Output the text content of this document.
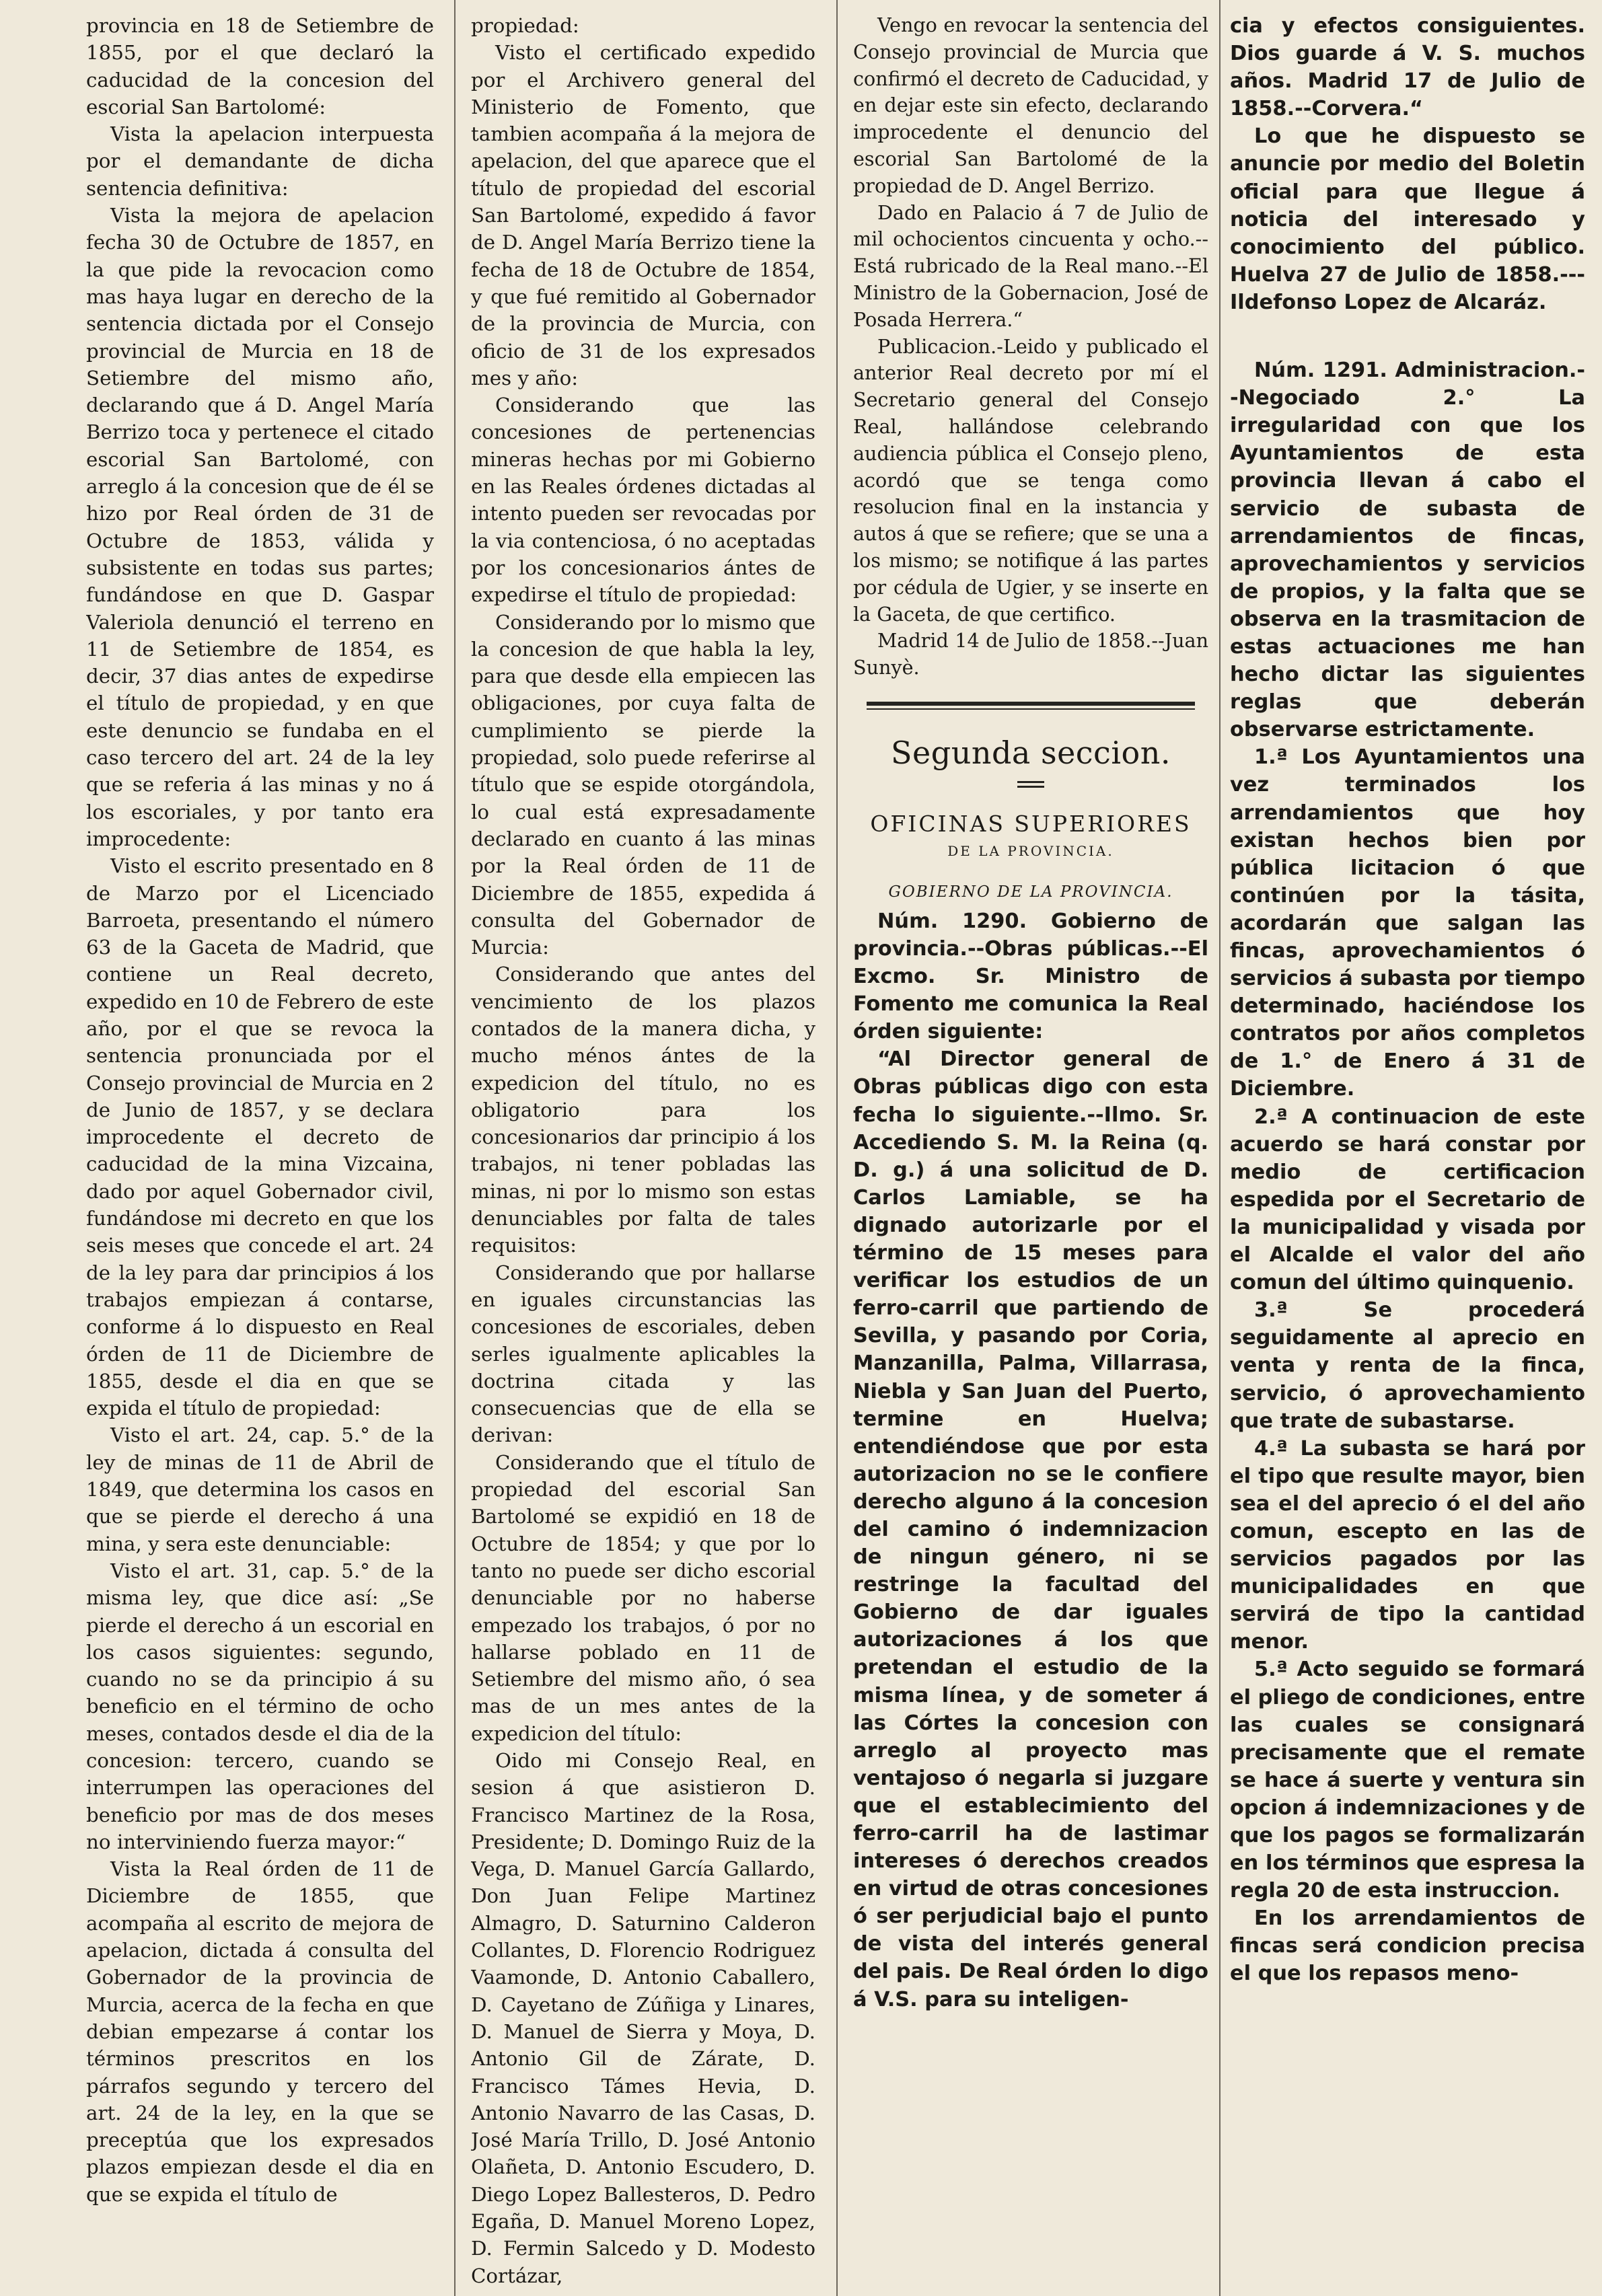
provincia en 18 de Setiembre de 1855, por el que declaró la caducidad de la concesion del escorial San Bartolomé:

Vista la apelacion interpuesta por el demandante de dicha sentencia definitiva:

Vista la mejora de apelacion fecha 30 de Octubre de 1857, en la que pide la revocacion como mas haya lugar en derecho de la sentencia dictada por el Consejo provincial de Murcia en 18 de Setiembre del mismo año, declarando que á D. Angel María Berrizo toca y pertenece el citado escorial San Bartolomé, con arreglo á la concesion que de él se hizo por Real órden de 31 de Octubre de 1853, válida y subsistente en todas sus partes; fundándose en que D. Gaspar Valeriola denunció el terreno en 11 de Setiembre de 1854, es decir, 37 dias antes de expedirse el título de propiedad, y en que este denuncio se fundaba en el caso tercero del art. 24 de la ley que se referia á las minas y no á los escoriales, y por tanto era improcedente:

Visto el escrito presentado en 8 de Marzo por el Licenciado Barroeta, presentando el número 63 de la Gaceta de Madrid, que contiene un Real decreto, expedido en 10 de Febrero de este año, por el que se revoca la sentencia pronunciada por el Consejo provincial de Murcia en 2 de Junio de 1857, y se declara improcedente el decreto de caducidad de la mina Vizcaina, dado por aquel Gobernador civil, fundándose mi decreto en que los seis meses que concede el art. 24 de la ley para dar principios á los trabajos empiezan á contarse, conforme á lo dispuesto en Real órden de 11 de Diciembre de 1855, desde el dia en que se expida el título de propiedad:

Visto el art. 24, cap. 5.° de la ley de minas de 11 de Abril de 1849, que determina los casos en que se pierde el derecho á una mina, y sera este denunciable:

Visto el art. 31, cap. 5.° de la misma ley, que dice así: „Se pierde el derecho á un escorial en los casos siguientes: segundo, cuando no se da principio á su beneficio en el término de ocho meses, contados desde el dia de la concesion: tercero, cuando se interrumpen las operaciones del beneficio por mas de dos meses no interviniendo fuerza mayor:“

Vista la Real órden de 11 de Diciembre de 1855, que acompaña al escrito de mejora de apelacion, dictada á consulta del Gobernador de la provincia de Murcia, acerca de la fecha en que debian empezarse á contar los términos prescritos en los párrafos segundo y tercero del art. 24 de la ley, en la que se preceptúa que los expresados plazos empiezan desde el dia en que se expida el título de

propiedad:

Visto el certificado expedido por el Archivero general del Ministerio de Fomento, que tambien acompaña á la mejora de apelacion, del que aparece que el título de propiedad del escorial San Bartolomé, expedido á favor de D. Angel María Berrizo tiene la fecha de 18 de Octubre de 1854, y que fué remitido al Gobernador de la provincia de Murcia, con oficio de 31 de los expresados mes y año:

Considerando que las concesiones de pertenencias mineras hechas por mi Gobierno en las Reales órdenes dictadas al intento pueden ser revocadas por la via contenciosa, ó no aceptadas por los concesionarios ántes de expedirse el título de propiedad:

Considerando por lo mismo que la concesion de que habla la ley, para que desde ella empiecen las obligaciones, por cuya falta de cumplimiento se pierde la propiedad, solo puede referirse al título que se espide otorgándola, lo cual está expresadamente declarado en cuanto á las minas por la Real órden de 11 de Diciembre de 1855, expedida á consulta del Gobernador de Murcia:

Considerando que antes del vencimiento de los plazos contados de la manera dicha, y mucho ménos ántes de la expedicion del título, no es obligatorio para los concesionarios dar principio á los trabajos, ni tener pobladas las minas, ni por lo mismo son estas denunciables por falta de tales requisitos:

Considerando que por hallarse en iguales circunstancias las concesiones de escoriales, deben serles igualmente aplicables la doctrina citada y las consecuencias que de ella se derivan:

Considerando que el título de propiedad del escorial San Bartolomé se expidió en 18 de Octubre de 1854; y que por lo tanto no puede ser dicho escorial denunciable por no haberse empezado los trabajos, ó por no hallarse poblado en 11 de Setiembre del mismo año, ó sea mas de un mes antes de la expedicion del título:

Oido mi Consejo Real, en sesion á que asistieron D. Francisco Martinez de la Rosa, Presidente; D. Domingo Ruiz de la Vega, D. Manuel García Gallardo, Don Juan Felipe Martinez Almagro, D. Saturnino Calderon Collantes, D. Florencio Rodriguez Vaamonde, D. Antonio Caballero, D. Cayetano de Zúñiga y Linares, D. Manuel de Sierra y Moya, D. Antonio Gil de Zárate, D. Francisco Támes Hevia, D. Antonio Navarro de las Casas, D. José María Trillo, D. José Antonio Olañeta, D. Antonio Escudero, D. Diego Lopez Ballesteros, D. Pedro Egaña, D. Manuel Moreno Lopez, D. Fermin Salcedo y D. Modesto Cortázar,

Vengo en revocar la sentencia del Consejo provincial de Murcia que confirmó el decreto de Caducidad, y en dejar este sin efecto, declarando improcedente el denuncio del escorial San Bartolomé de la propiedad de D. Angel Berrizo.

Dado en Palacio á 7 de Julio de mil ochocientos cincuenta y ocho.--Está rubricado de la Real mano.--El Ministro de la Gobernacion, José de Posada Herrera.“

Publicacion.-Leido y publicado el anterior Real decreto por mí el Secretario general del Consejo Real, hallándose celebrando audiencia pública el Consejo pleno, acordó que se tenga como resolucion final en la instancia y autos á que se refiere; que se una a los mismo; se notifique á las partes por cédula de Ugier, y se inserte en la Gaceta, de que certifico.

Madrid 14 de Julio de 1858.--Juan Sunyè.

Segunda seccion.
OFICINAS SUPERIORES
DE LA PROVINCIA.
GOBIERNO DE LA PROVINCIA.

Núm. 1290. Gobierno de provincia.--Obras públicas.--El Excmo. Sr. Ministro de Fomento me comunica la Real órden siguiente:

“Al Director general de Obras públicas digo con esta fecha lo siguiente.--Ilmo. Sr. Accediendo S. M. la Reina (q. D. g.) á una solicitud de D. Carlos Lamiable, se ha dignado autorizarle por el término de 15 meses para verificar los estudios de un ferro-carril que partiendo de Sevilla, y pasando por Coria, Manzanilla, Palma, Villarrasa, Niebla y San Juan del Puerto, termine en Huelva; entendiéndose que por esta autorizacion no se le confiere derecho alguno á la concesion del camino ó indemnizacion de ningun género, ni se restringe la facultad del Gobierno de dar iguales autorizaciones á los que pretendan el estudio de la misma línea, y de someter á las Córtes la concesion con arreglo al proyecto mas ventajoso ó negarla si juzgare que el establecimiento del ferro-carril ha de lastimar intereses ó derechos creados en virtud de otras concesiones ó ser perjudicial bajo el punto de vista del interés general del pais. De Real órden lo digo á V.S. para su inteligen-

cia y efectos consiguientes. Dios guarde á V. S. muchos años. Madrid 17 de Julio de 1858.--Corvera.“

Lo que he dispuesto se anuncie por medio del Boletin oficial para que llegue á noticia del interesado y conocimiento del público. Huelva 27 de Julio de 1858.---Ildefonso Lopez de Alcaráz.

Núm. 1291. Administracion.--Negociado 2.° La irregularidad con que los Ayuntamientos de esta provincia llevan á cabo el servicio de subasta de arrendamientos de fincas, aprovechamientos y servicios de propios, y la falta que se observa en la trasmitacion de estas actuaciones me han hecho dictar las siguientes reglas que deberán observarse estrictamente.

1.ª Los Ayuntamientos una vez terminados los arrendamientos que hoy existan hechos bien por pública licitacion ó que continúen por la tásita, acordarán que salgan las fincas, aprovechamientos ó servicios á subasta por tiempo determinado, haciéndose los contratos por años completos de 1.° de Enero á 31 de Diciembre.

2.ª A continuacion de este acuerdo se hará constar por medio de certificacion espedida por el Secretario de la municipalidad y visada por el Alcalde el valor del año comun del último quinquenio.

3.ª Se procederá seguidamente al aprecio en venta y renta de la finca, servicio, ó aprovechamiento que trate de subastarse.

4.ª La subasta se hará por el tipo que resulte mayor, bien sea el del aprecio ó el del año comun, escepto en las de servicios pagados por las municipalidades en que servirá de tipo la cantidad menor.

5.ª Acto seguido se formará el pliego de condiciones, entre las cuales se consignará precisamente que el remate se hace á suerte y ventura sin opcion á indemnizaciones y de que los pagos se formalizarán en los términos que espresa la regla 20 de esta instruccion.

En los arrendamientos de fincas será condicion precisa el que los repasos meno-
